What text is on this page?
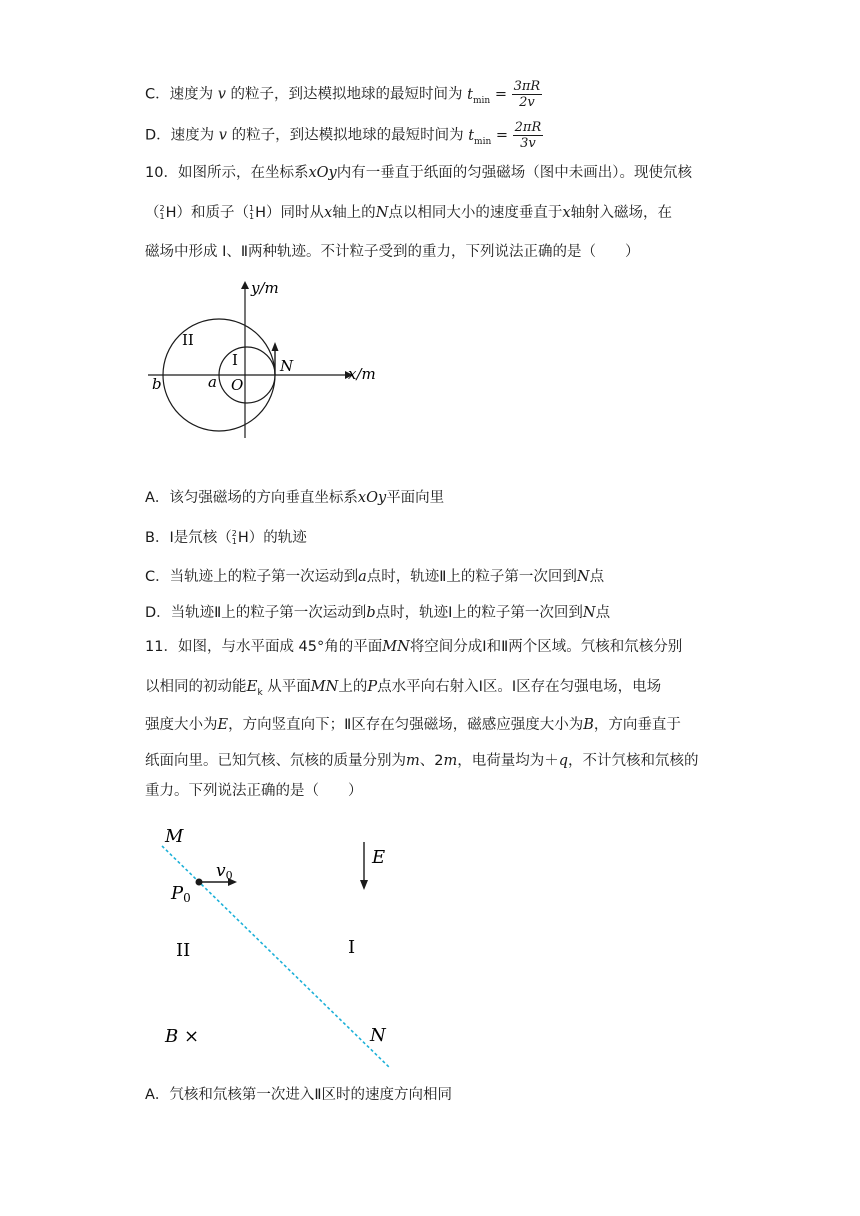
C．速度为 v 的粒子，到达模拟地球的最短时间为 $t_{min} = \frac{3\pi R}{2v}$
D．速度为 v 的粒子，到达模拟地球的最短时间为 $t_{min} = \frac{2\pi R}{3v}$
10．如图所示，在坐标系xOy内有一垂直于纸面的匀强磁场（图中未画出）。现使氘核
（ 2
1 H）和质子（ 1
1 H）同时从x轴上的N点以相同大小的速度垂直于x轴射入磁场，在
磁场中形成 I、Ⅱ两种轨迹。不计粒子受到的重力，下列说法正确的是（　　）
y/m
x/m
II
I
b	a O
N
A．该匀强磁场的方向垂直坐标系xOy平面向里
B．Ⅰ是氘核（ 2
1 H）的轨迹
C．当轨迹上的粒子第一次运动到a点时，轨迹Ⅱ上的粒子第一次回到N点
D．当轨迹Ⅱ上的粒子第一次运动到b点时，轨迹Ⅰ上的粒子第一次回到N点
11．如图，与水平面成 45°角的平面MN将空间分成Ⅰ和Ⅱ两个区域。氕核和氘核分别
以相同的初动能$E_k$ 从平面MN上的P点水平向右射入Ⅰ区。Ⅰ区存在匀强电场，电场
强度大小为E，方向竖直向下；Ⅱ区存在匀强磁场，磁感应强度大小为B，方向垂直于
纸面向里。已知氕核、氘核的质量分别为m、2m，电荷量均为＋q，不计氕核和氘核的
重力。下列说法正确的是（　　）
M
v0
P0
E
II	I
B ×	N
A．氕核和氘核第一次进入Ⅱ区时的速度方向相同
